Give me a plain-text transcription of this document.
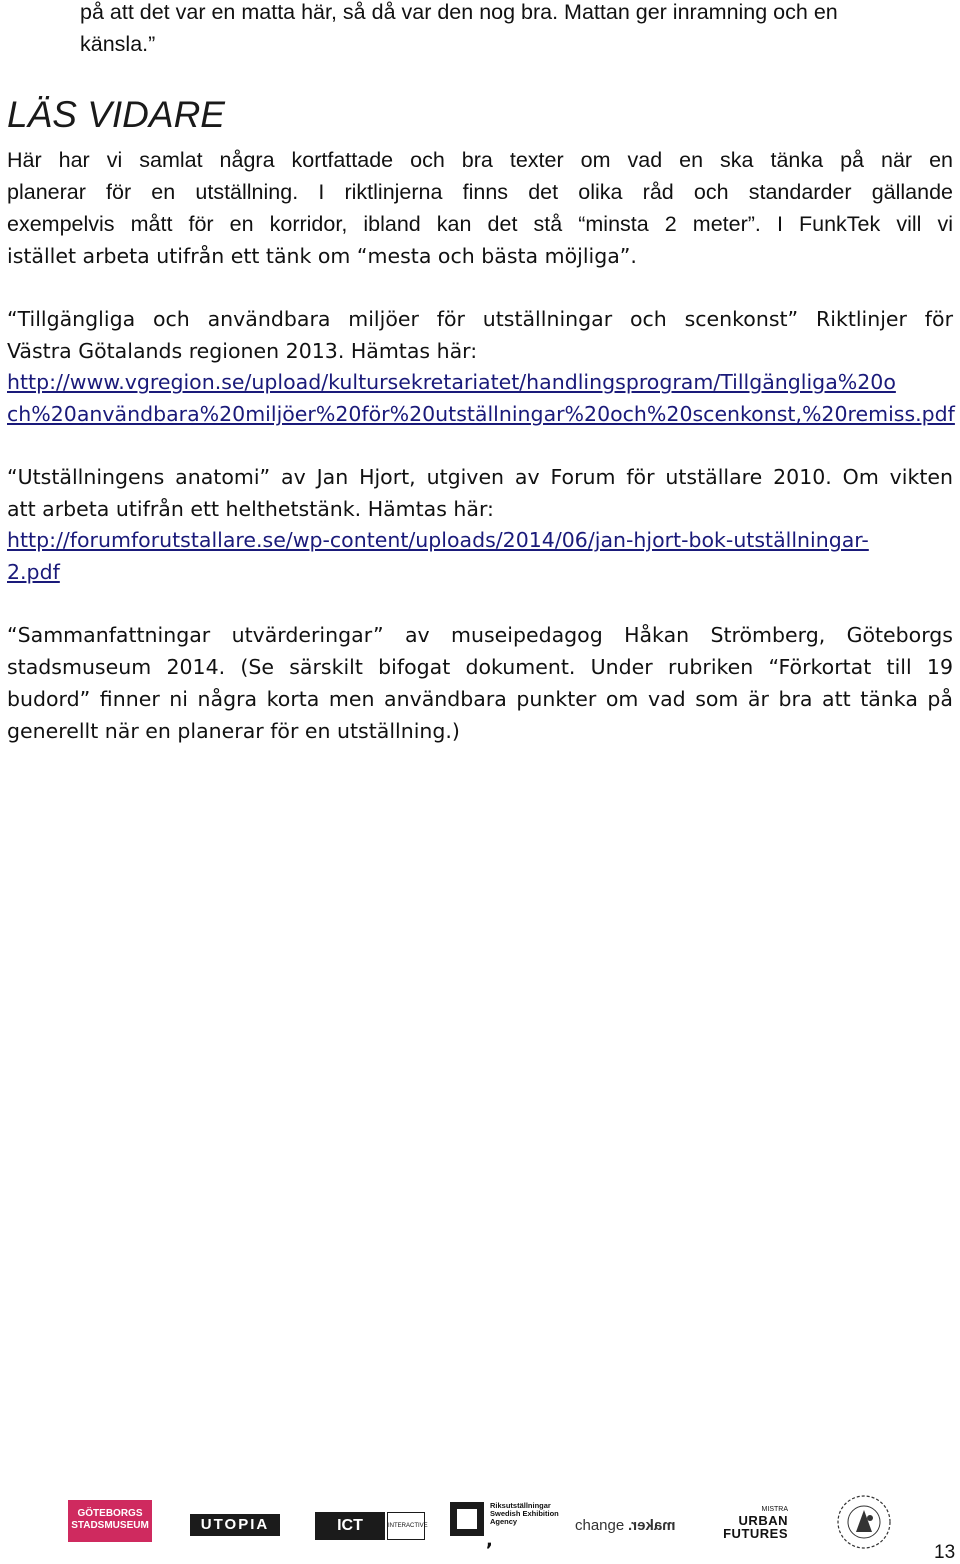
på att det var en matta här, så då var den nog bra. Mattan ger inramning och en

känsla.”

LÄS VIDARE

Här har vi samlat några kortfattade och bra texter om vad en ska tänka på när en

planerar för en utställning. I riktlinjerna finns det olika råd och standarder gällande

exempelvis mått för en korridor, ibland kan det stå “minsta 2 meter”. I FunkTek vill vi

istället arbeta utifrån ett tänk om “mesta och bästa möjliga”.

“Tillgängliga och användbara miljöer för utställningar och scenkonst” Riktlinjer för

Västra Götalands regionen 2013. Hämtas här:

http://www.vgregion.se/upload/kultursekretariatet/handlingsprogram/Tillgängliga%20o

ch%20användbara%20miljöer%20för%20utställningar%20och%20scenkonst,%20remiss.pdf

“Utställningens anatomi” av Jan Hjort, utgiven av Forum för utställare 2010. Om vikten

att arbeta utifrån ett helthetstänk. Hämtas här:

http://forumforutstallare.se/wp-content/uploads/2014/06/jan-hjort-bok-utställningar-

2.pdf

“Sammanfattningar utvärderingar” av museipedagog Håkan Strömberg, Göteborgs

stadsmuseum 2014. (Se särskilt bifogat dokument. Under rubriken “Förkortat till 19

budord” finner ni några korta men användbara punkter om vad som är bra att tänka på

generellt när en planerar för en utställning.)

GÖTEBORGS
STADSMUSEUM	UTOPIA	ICT	INTERACTIVE
,
Riksutställningar
Swedish Exhibition
Agency	change maker.
MISTRA
URBAN
FUTURES
13
